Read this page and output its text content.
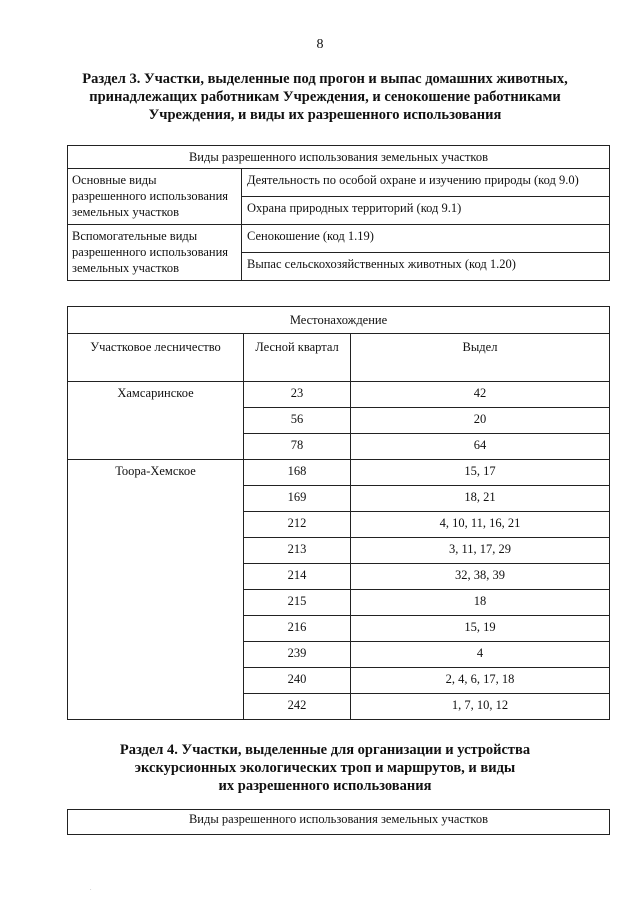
8
Раздел 3. Участки, выделенные под прогон и выпас домашних животных,
принадлежащих работникам Учреждения, и сенокошение работниками
Учреждения, и виды их разрешенного использования
Виды разрешенного использования земельных участков	

Основные виды
разрешенного использования
земельных участков	Деятельность по особой охране и изучению природы (код 9.0)
	Охрана природных территорий (код 9.1)

Вспомогательные виды
разрешенного использования
земельных участков	Сенокошение (код 1.19)
	Выпас сельскохозяйственных животных (код 1.20)
Местонахождение		
Участковое лесничество	Лесной квартал	Выдел
Хамсаринское	23	42
	56	20
	78	64
Тоора-Хемское	168	15, 17
	169	18, 21
	212	4, 10, 11, 16, 21
	213	3, 11, 17, 29
	214	32, 38, 39
	215	18
	216	15, 19
	239	4
	240	2, 4, 6, 17, 18
	242	1, 7, 10, 12
Раздел 4. Участки, выделенные для организации и устройства
экскурсионных экологических троп и маршрутов, и виды
их разрешенного использования
Виды разрешенного использования земельных участков
.
